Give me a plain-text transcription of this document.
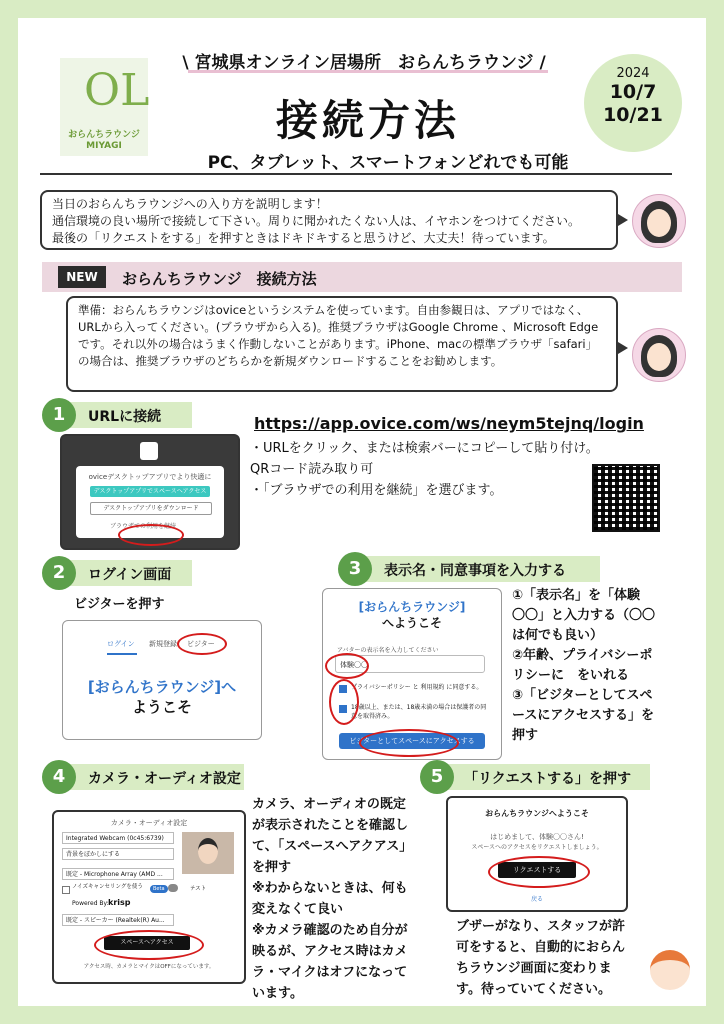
OL
おらんちラウンジ
MIYAGI
\ 宮城県オンライン居場所　おらんちラウンジ /
接続方法
PC、タブレット、スマートフォンどれでも可能
2024
10/7
10/21
当日のおらんちラウンジへの入り方を説明します！
通信環境の良い場所で接続して下さい。周りに聞かれたくない人は、イヤホンをつけてください。
最後の「リクエストをする」を押すときはドキドキすると思うけど、大丈夫！待っています。
NEW	おらんちラウンジ　接続方法
準備：おらんちラウンジはoviceというシステムを使っています。自由参観日は、アプリではなく、URLから入ってください。(ブラウザから入る)。推奨ブラウザはGoogle Chrome 、Microsoft Edgeです。それ以外の場合はうまく作動しないことがあります。iPhone、macの標準ブラウザ「safari」の場合は、推奨ブラウザのどちらかを新規ダウンロードすることをお勧めします。
1	URLに接続
oviceデスクトップアプリでより快適に
デスクトップアプリでスペースへアクセス
デスクトップアプリをダウンロード
ブラウザでの利用を継続
https://app.ovice.com/ws/neym5tejnq/login
・URLをクリック、または検索バーにコピーして貼り付け。
QRコード読み取り可
・「ブラウザでの利用を継続」を選びます。
2	ログイン画面
ビジターを押す
ログイン 新規登録 ビジター
[おらんちラウンジ]へ
ようこそ
3	表示名・同意事項を入力する
[おらんちラウンジ]
へようこそ
アバターの表示名を入力してください
体験〇〇
プライバシーポリシー と 利用規約 に同意する。
18歳以上、または、18歳未満の場合は保護者の同意を取得済み。
ビジターとしてスペースにアクセスする
①「表示名」を「体験
〇〇」と入力する（〇〇
は何でも良い）
②年齢、プライバシーポ
リシーに　をいれる
③「ビジターとしてスペ
ースにアクセスする」を
押す
4	カメラ・オーディオ設定
カメラ・オーディオ設定
Integrated Webcam (0c45:6739)
背景をぼかしにする
既定 - Microphone Array (AMD ...
ノイズキャンセリングを使う	Beta	テスト
Powered By: krisp
既定 - スピーカー (Realtek(R) Au...
スペースへアクセス
アクセス時、カメラとマイクはOFFになっています。
カメラ、オーディオの既定
が表示されたことを確認し
て、「スペースへアクアス」
を押す
※わからないときは、何も
変えなくて良い
※カメラ確認のため自分が
映るが、アクセス時はカメ
ラ・マイクはオフになって
います。
5	「リクエストする」を押す
おらんちラウンジへようこそ
はじめまして、体験〇〇さん!
スペースへのアクセスをリクエストしましょう。
リクエストする
戻る
ブザーがなり、スタッフが許
可をすると、自動的におらん
ちラウンジ画面に変わりま
す。待っていてください。
